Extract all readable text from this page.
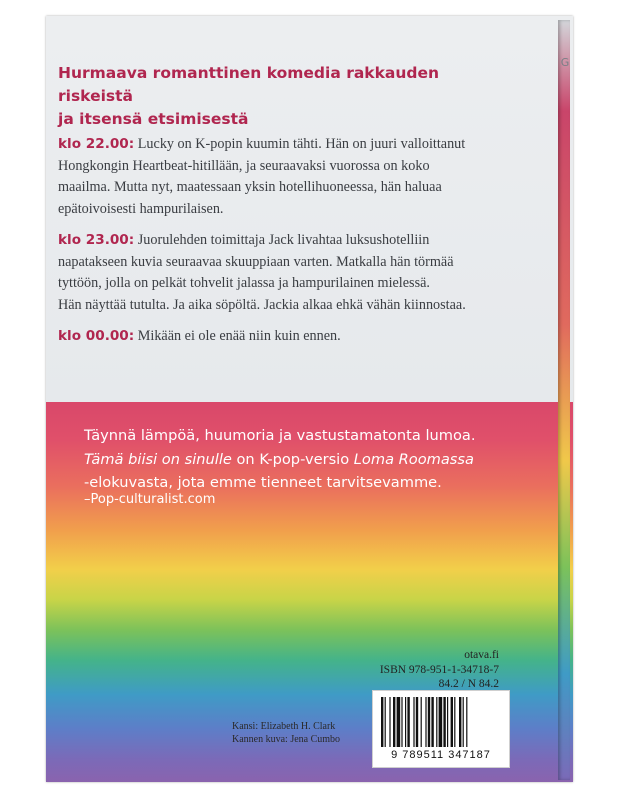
G
Hurmaava romanttinen komedia rakkauden riskeistä
ja itsensä etsimisestä
klo 22.00: Lucky on K-popin kuumin tähti. Hän on juuri valloittanut
Hongkongin Heartbeat-hitillään, ja seuraavaksi vuorossa on koko
maailma. Mutta nyt, maatessaan yksin hotellihuoneessa, hän haluaa
epätoivoisesti hampurilaisen.
klo 23.00: Juorulehden toimittaja Jack livahtaa luksushotelliin
napatakseen kuvia seuraavaa skuuppiaan varten. Matkalla hän törmää
tyttöön, jolla on pelkät tohvelit jalassa ja hampurilainen mielessä.
Hän näyttää tutulta. Ja aika söpöltä. Jackia alkaa ehkä vähän kiinnostaa.
klo 00.00: Mikään ei ole enää niin kuin ennen.
Täynnä lämpöä, huumoria ja vastustamatonta lumoa.
Tämä biisi on sinulle on K-pop-versio Loma Roomassa
-elokuvasta, jota emme tienneet tarvitsevamme.
–Pop-culturalist.com
otava.fi
ISBN 978-951-1-34718-7
84.2 / N 84.2
9 789511 347187
Kansi: Elizabeth H. Clark
Kannen kuva: Jena Cumbo
